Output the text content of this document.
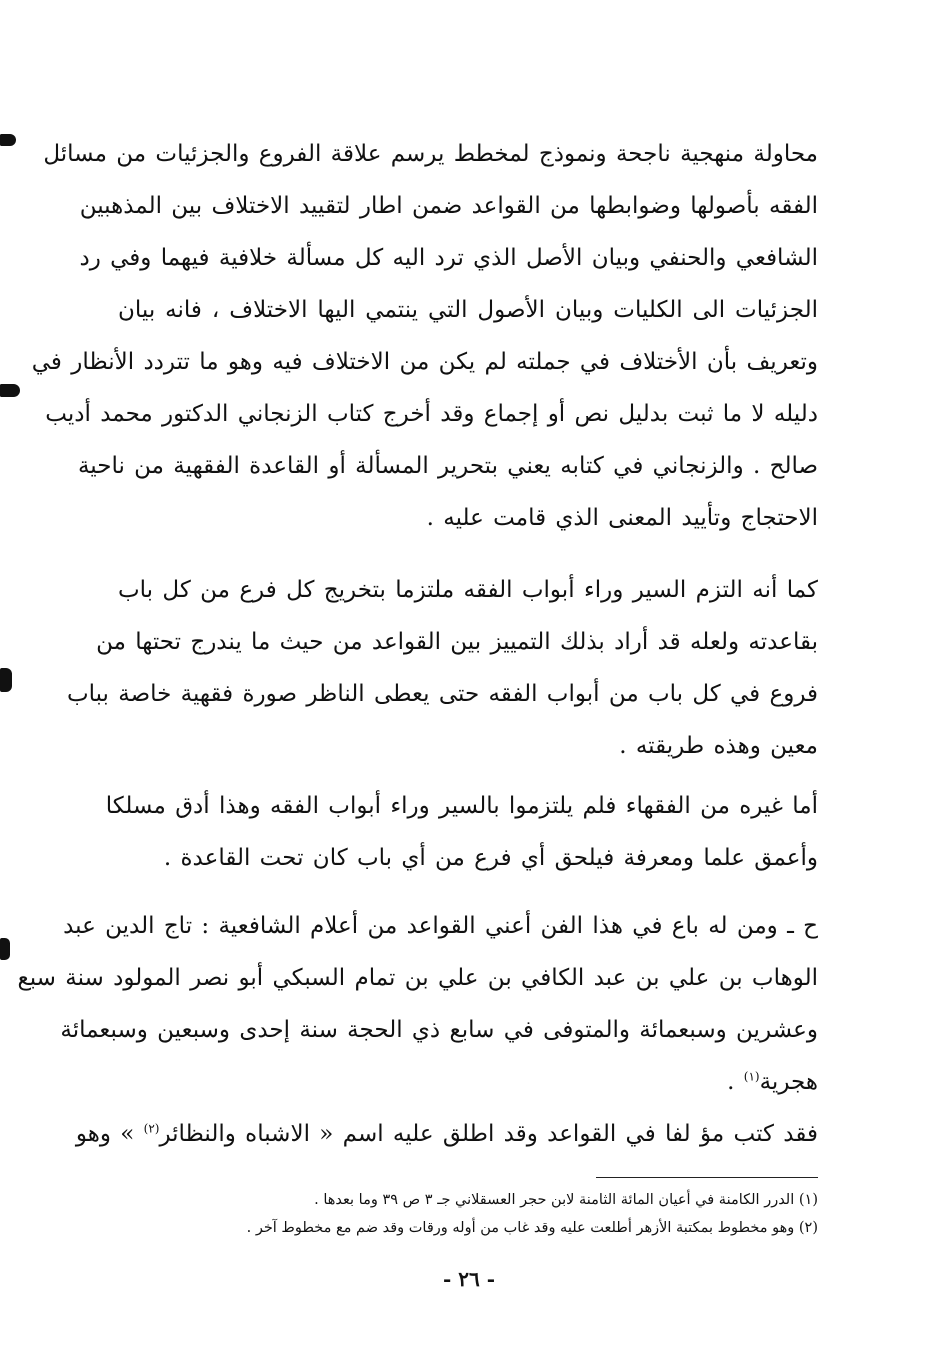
محاولة منهجية ناجحة ونموذج لمخطط يرسم علاقة الفروع والجزئيات من مسائل
الفقه بأصولها وضوابطها من القواعد ضمن اطار لتقييد الاختلاف بين المذهبين
الشافعي والحنفي وبيان الأصل الذي ترد اليه كل مسألة خلافية فيهما وفي رد
الجزئيات الى الكليات وبيان الأصول التي ينتمي اليها الاختلاف ، فانه بيان
وتعريف بأن الأختلاف في جملته لم يكن من الاختلاف فيه وهو ما تتردد الأنظار في
دليله لا ما ثبت بدليل نص أو إجماع وقد أخرج كتاب الزنجاني الدكتور محمد أديب
صالح . والزنجاني في كتابه يعني بتحرير المسألة أو القاعدة الفقهية من ناحية
الاحتجاج وتأييد المعنى الذي قامت عليه .
كما أنه التزم السير وراء أبواب الفقه ملتزما بتخريج كل فرع من كل باب
بقاعدته ولعله قد أراد بذلك التمييز بين القواعد من حيث ما يندرج تحتها من
فروع في كل باب من أبواب الفقه حتى يعطى الناظر صورة فقهية خاصة بباب
معين وهذه طريقته .
أما غيره من الفقهاء فلم يلتزموا بالسير وراء أبواب الفقه وهذا أدق مسلكا
وأعمق علما ومعرفة فيلحق أي فرع من أي باب كان تحت القاعدة .
ح ـ ومن له باع في هذا الفن أعني القواعد من أعلام الشافعية : تاج الدين عبد
الوهاب بن علي بن عبد الكافي بن علي بن تمام السبكي أبو نصر المولود سنة سبع
وعشرين وسبعمائة والمتوفى في سابع ذي الحجة سنة إحدى وسبعين وسبعمائة
هجرية$^{(١)}$ .
فقد كتب مؤ لفا في القواعد وقد اطلق عليه اسم « الاشباه والنظائر$^{(٢)}$ » وهو
(١) الدرر الكامنة في أعيان المائة الثامنة لابن حجر العسقلاني جـ ٣ ص ٣٩ وما بعدها .
(٢) وهو مخطوط بمكتبة الأزهر أطلعت عليه وقد غاب من أوله ورقات وقد ضم مع مخطوط آخر .
- ٢٦ -
